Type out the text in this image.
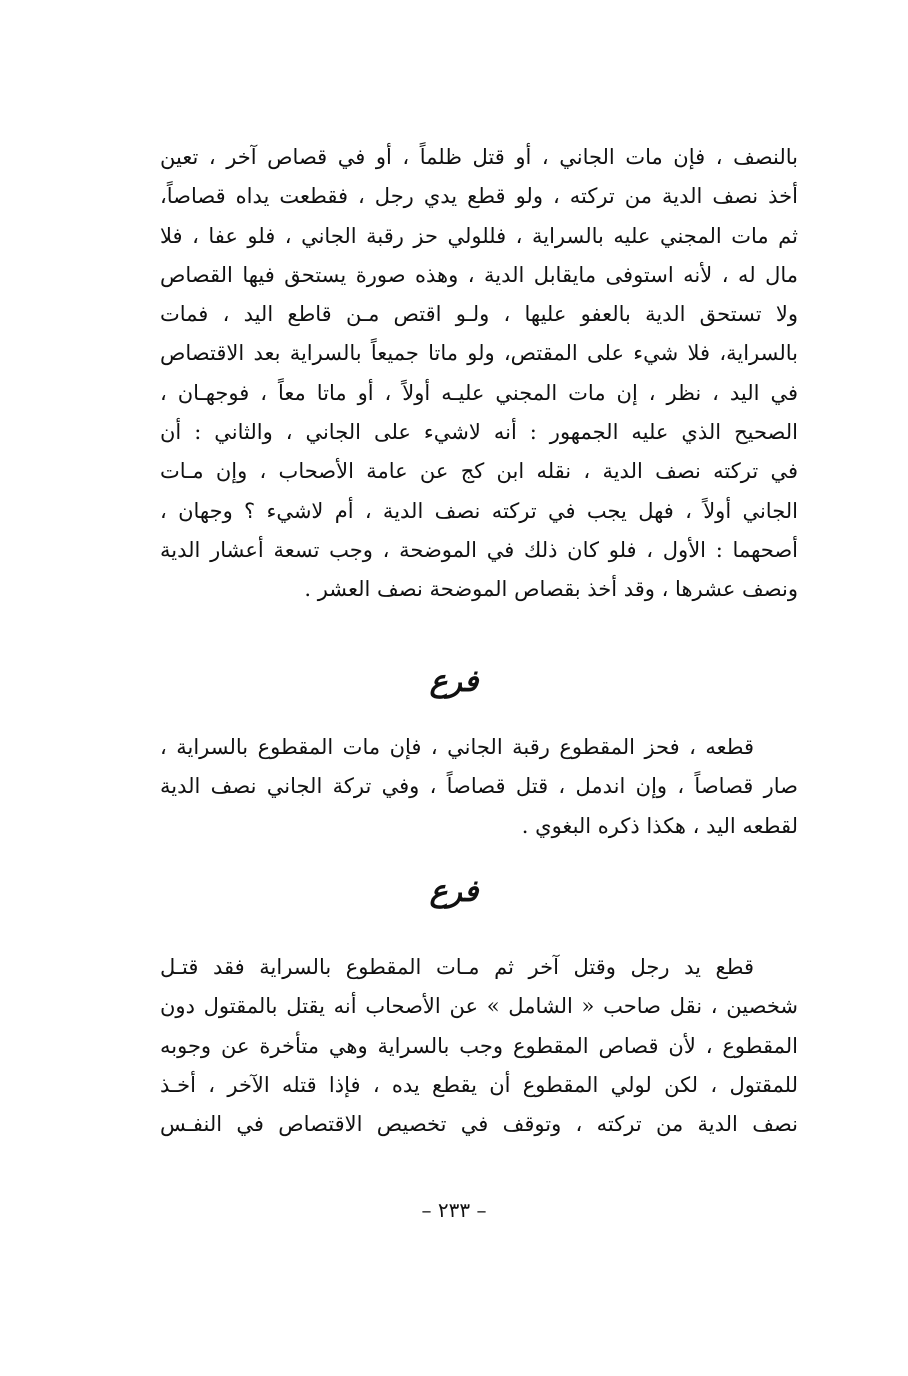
بالنصف ، فإن مات الجاني ، أو قتل ظلماً ، أو في قصاص آخر ، تعين
أخذ نصف الدية من تركته ، ولو قطع يدي رجل ، فقطعت يداه قصاصاً،
ثم مات المجني عليه بالسراية ، فللولي حز رقبة الجاني ، فلو عفا ، فلا
مال له ، لأنه استوفى مايقابل الدية ، وهذه صورة يستحق فيها القصاص
ولا تستحق الدية بالعفو عليها ، ولـو اقتص مـن قاطع اليد ، فمات
بالسراية، فلا شيء على المقتص، ولو ماتا جميعاً بالسراية بعد الاقتصاص
في اليد ، نظر ، إن مات المجني عليـه أولاً ، أو ماتا معاً ، فوجهـان ،
الصحيح الذي عليه الجمهور : أنه لاشيء على الجاني ، والثاني : أن
في تركته نصف الدية ، نقله ابن كج عن عامة الأصحاب ، وإن مـات
الجاني أولاً ، فهل يجب في تركته نصف الدية ، أم لاشيء ؟ وجهان ،
أصحهما : الأول ، فلو كان ذلك في الموضحة ، وجب تسعة أعشار الدية
ونصف عشرها ، وقد أخذ بقصاص الموضحة نصف العشر .
فرع
قطعه ، فحز المقطوع رقبة الجاني ، فإن مات المقطوع بالسراية ،
صار قصاصاً ، وإن اندمل ، قتل قصاصاً ، وفي تركة الجاني نصف الدية
لقطعه اليد ، هكذا ذكره البغوي .
فرع
قطع يد رجل وقتل آخر ثم مـات المقطوع بالسراية فقد قتـل
شخصين ، نقل صاحب « الشامل » عن الأصحاب أنه يقتل بالمقتول دون
المقطوع ، لأن قصاص المقطوع وجب بالسراية وهي متأخرة عن وجوبه
للمقتول ، لكن لولي المقطوع أن يقطع يده ، فإذا قتله الآخر ، أخـذ
نصف الدية من تركته ، وتوقف في تخصيص الاقتصاص في النفـس
– ٢٣٣ –
